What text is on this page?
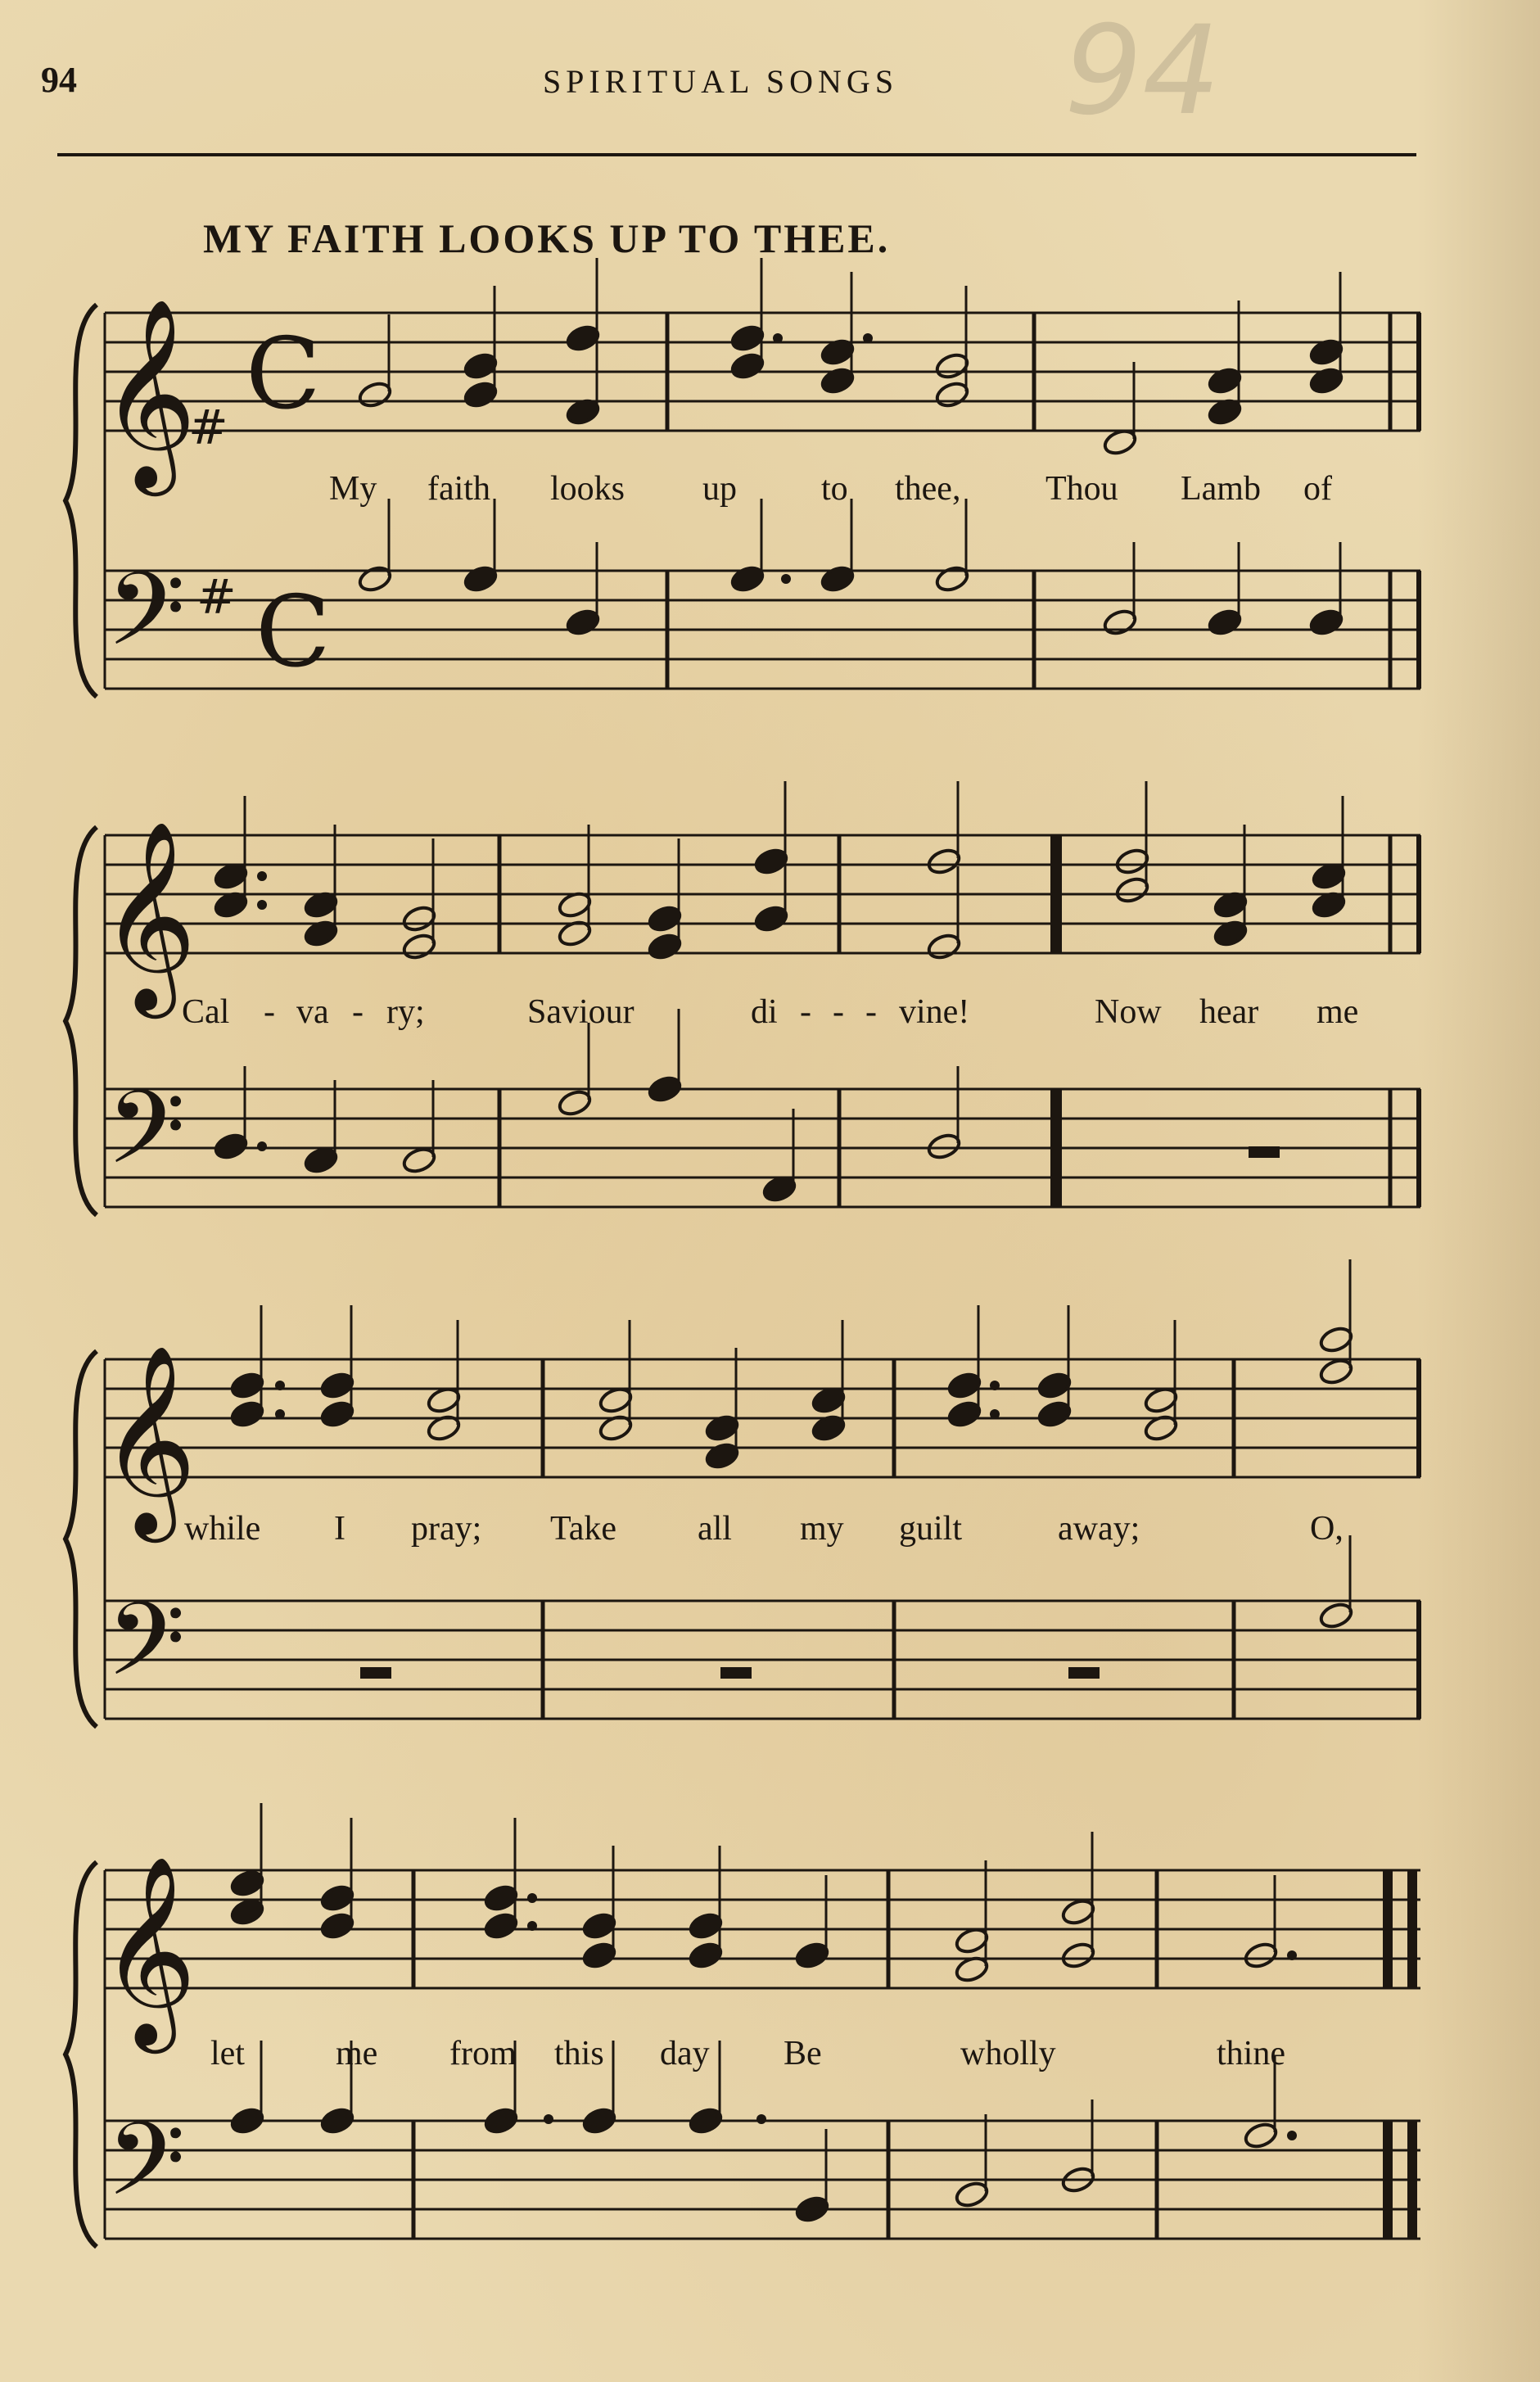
94	SPIRITUAL SONGS	94
MY FAITH LOOKS UP TO THEE.
𝄞
𝄢
#
#
C
C
𝄞
𝄢
𝄞
𝄢
𝄞
𝄢
My faith looks up to thee, Thou Lamb of
Cal - va - ry;	Saviour	di - - - vine!	Now hear me
while I pray; Take all my guilt	away;	O,
let	me from this day Be	wholly	thine
